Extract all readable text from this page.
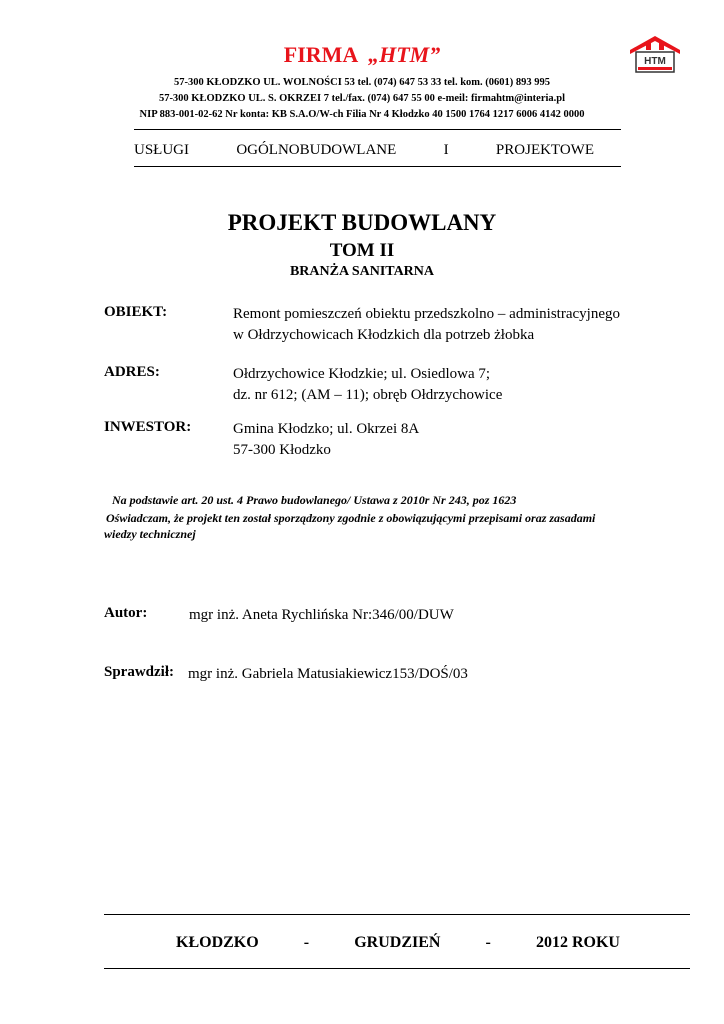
FIRMA  „HTM”	HTM
57-300 KŁODZKO UL. WOLNOŚCI 53 tel. (074) 647 53 33 tel. kom. (0601) 893 995
57-300 KŁODZKO UL. S. OKRZEI 7 tel./fax. (074) 647 55 00 e-meil: firmahtm@interia.pl
NIP 883-001-02-62 Nr konta: KB S.A.O/W-ch Filia Nr 4 Kłodzko 40 1500 1764 1217 6006 4142 0000
USŁUGI	OGÓLNOBUDOWLANE	I	PROJEKTOWE
PROJEKT BUDOWLANY
TOM II
BRANŻA SANITARNA
OBIEKT:	Remont pomieszczeń obiektu przedszkolno – administracyjnego
w Ołdrzychowicach Kłodzkich dla potrzeb żłobka
ADRES:	Ołdrzychowice Kłodzkie; ul. Osiedlowa 7;
dz. nr 612; (AM – 11); obręb Ołdrzychowice
INWESTOR:	Gmina Kłodzko; ul. Okrzei 8A
57-300 Kłodzko
Na podstawie art. 20 ust. 4 Prawo budowlanego/ Ustawa z 2010r Nr 243, poz 1623
Oświadczam, że projekt ten został sporządzony zgodnie z obowiązującymi przepisami oraz zasadami
wiedzy technicznej
Autor:	mgr inż. Aneta Rychlińska Nr:346/00/DUW
Sprawdził: mgr inż. Gabriela Matusiakiewicz153/DOŚ/03
KŁODZKO	-	GRUDZIEŃ	-	2012 ROKU
